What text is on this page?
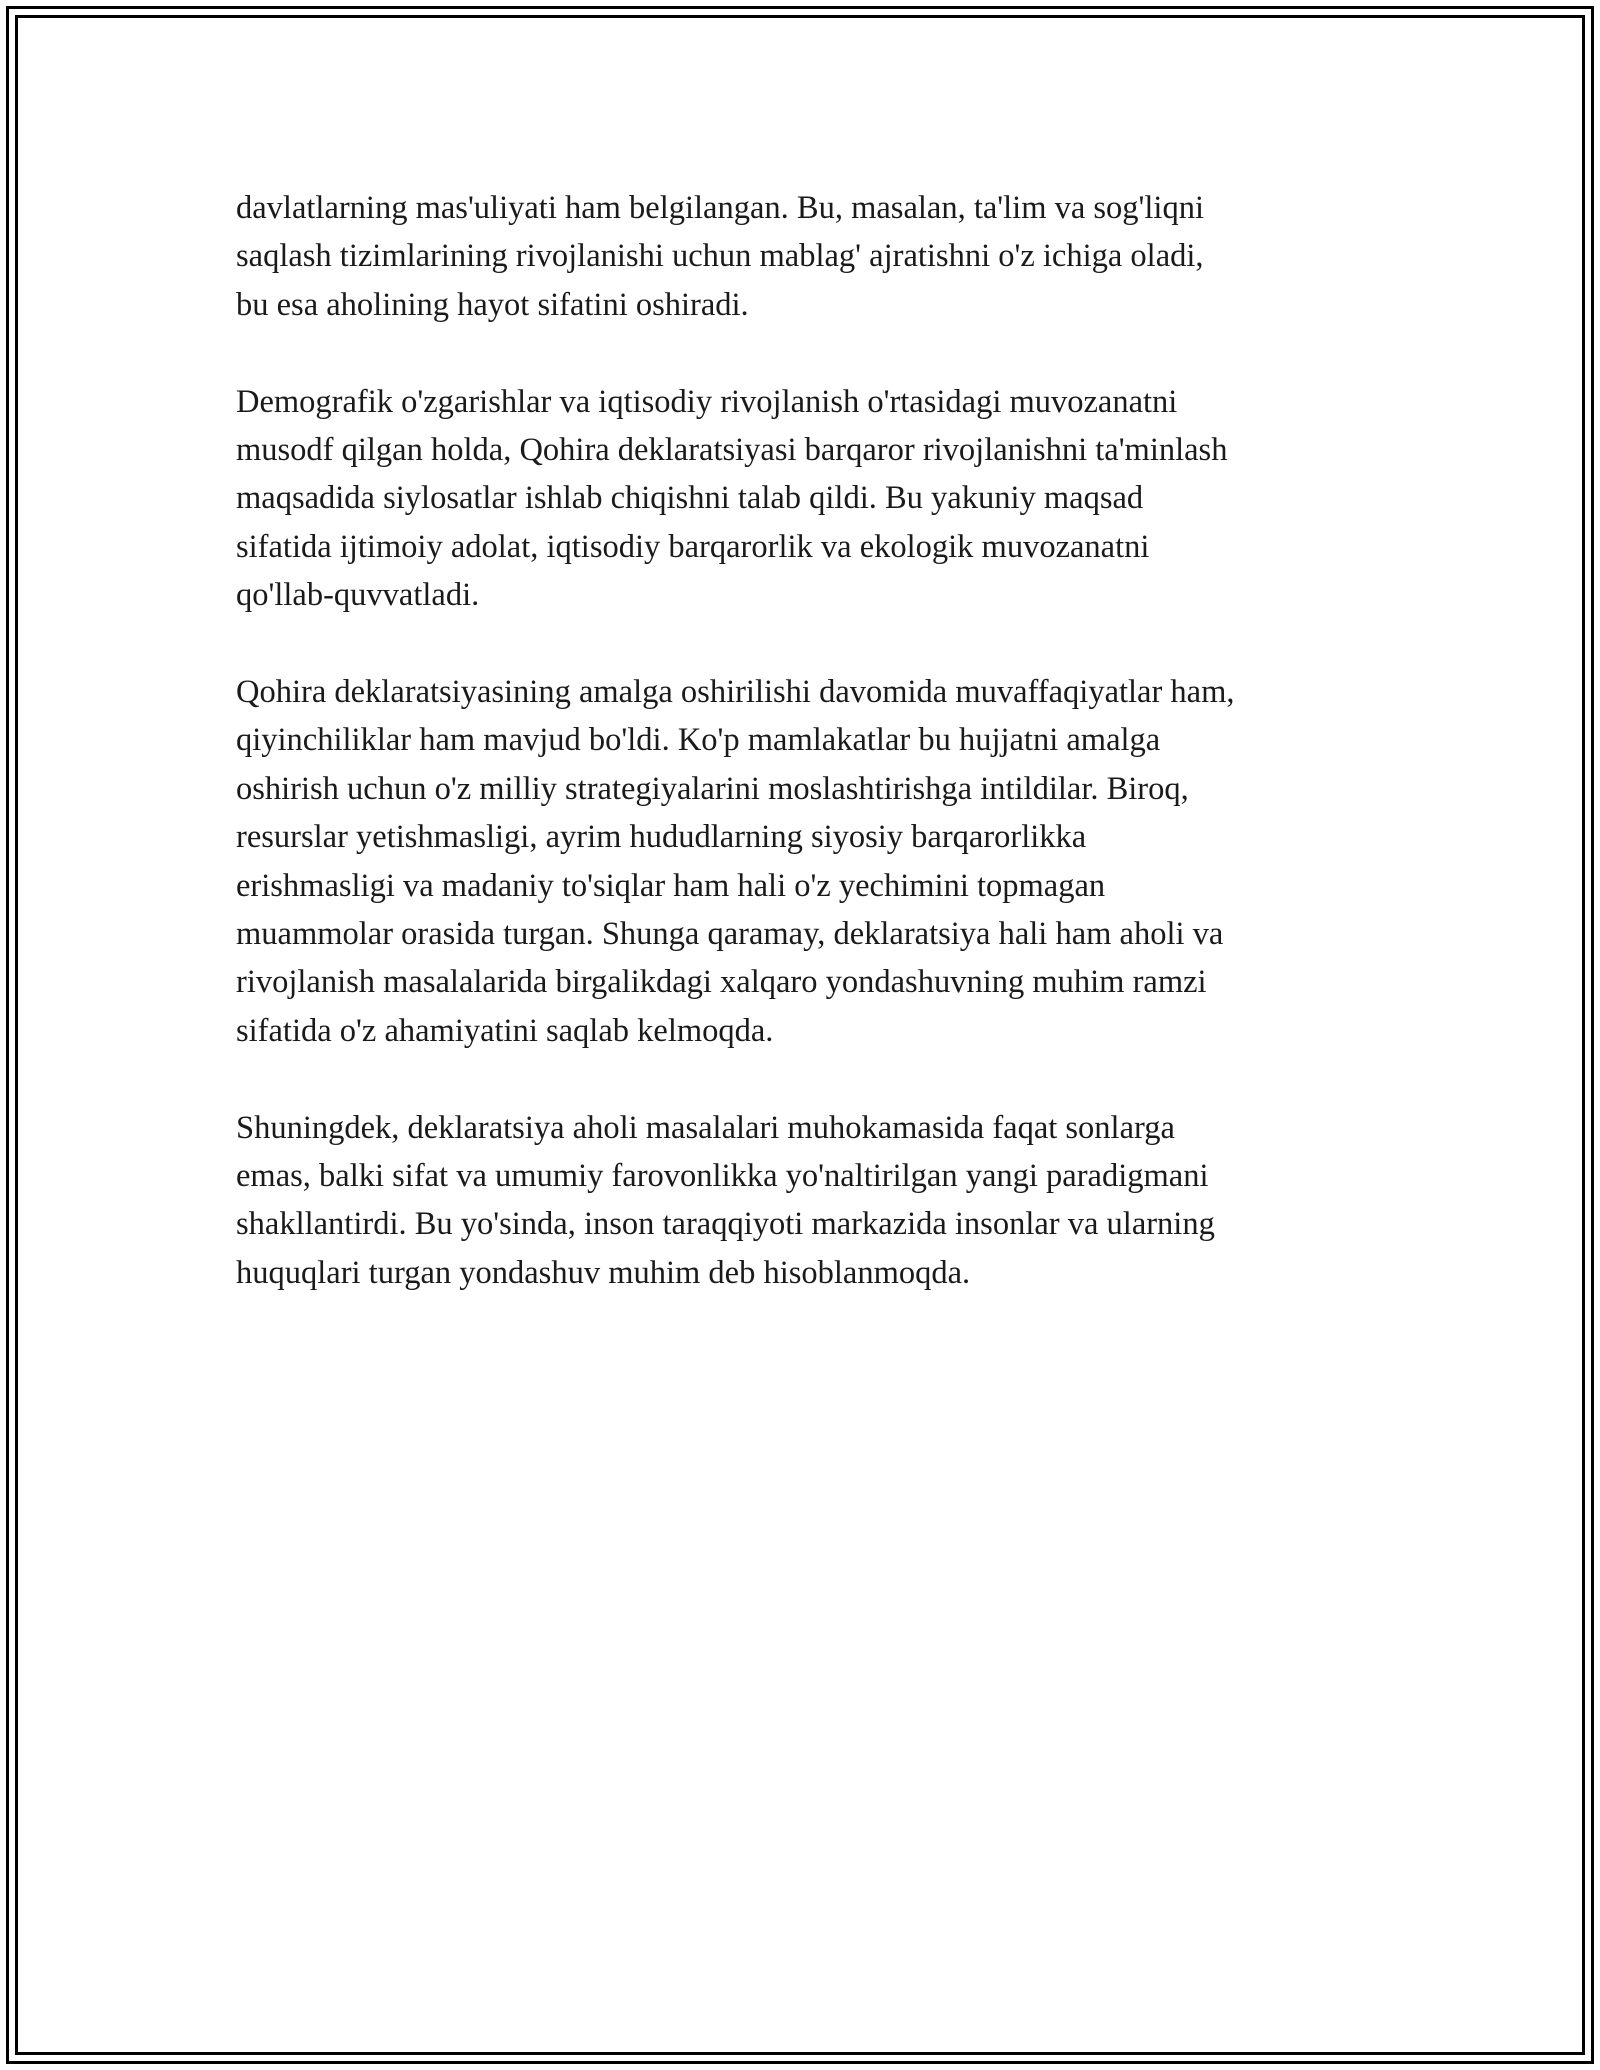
davlatlarning mas'uliyati ham belgilangan. Bu, masalan, ta'lim va sog'liqni
saqlash tizimlarining rivojlanishi uchun mablag' ajratishni o'z ichiga oladi,
bu esa aholining hayot sifatini oshiradi.

Demografik o'zgarishlar va iqtisodiy rivojlanish o'rtasidagi muvozanatni
musodf qilgan holda, Qohira deklaratsiyasi barqaror rivojlanishni ta'minlash
maqsadida siylosatlar ishlab chiqishni talab qildi. Bu yakuniy maqsad
sifatida ijtimoiy adolat, iqtisodiy barqarorlik va ekologik muvozanatni
qo'llab-quvvatladi.

Qohira deklaratsiyasining amalga oshirilishi davomida muvaffaqiyatlar ham,
qiyinchiliklar ham mavjud bo'ldi. Ko'p mamlakatlar bu hujjatni amalga
oshirish uchun o'z milliy strategiyalarini moslashtirishga intildilar. Biroq,
resurslar yetishmasligi, ayrim hududlarning siyosiy barqarorlikka
erishmasligi va madaniy to'siqlar ham hali o'z yechimini topmagan
muammolar orasida turgan. Shunga qaramay, deklaratsiya hali ham aholi va
rivojlanish masalalarida birgalikdagi xalqaro yondashuvning muhim ramzi
sifatida o'z ahamiyatini saqlab kelmoqda.

Shuningdek, deklaratsiya aholi masalalari muhokamasida faqat sonlarga
emas, balki sifat va umumiy farovonlikka yo'naltirilgan yangi paradigmani
shakllantirdi. Bu yo'sinda, inson taraqqiyoti markazida insonlar va ularning
huquqlari turgan yondashuv muhim deb hisoblanmoqda.
